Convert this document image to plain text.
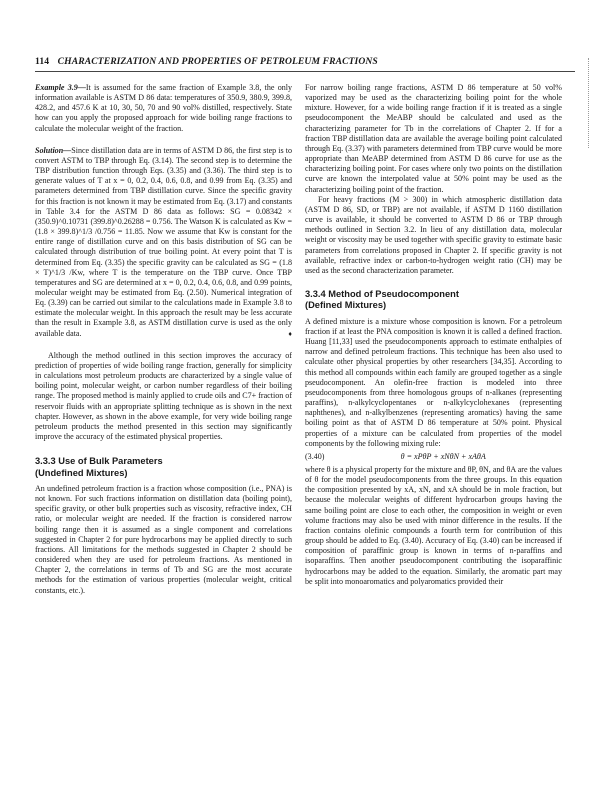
114 CHARACTERIZATION AND PROPERTIES OF PETROLEUM FRACTIONS

Example 3.9—It is assumed for the same fraction of Example 3.8, the only information available is ASTM D 86 data: temperatures of 350.9, 380.9, 399.8, 428.2, and 457.6 K at 10, 30, 50, 70 and 90 vol% distilled, respectively. State how can you apply the proposed approach for wide boiling range fractions to calculate the molecular weight of the fraction.

Solution—Since distillation data are in terms of ASTM D 86, the first step is to convert ASTM to TBP through Eq. (3.14). The second step is to determine the TBP distribution function through Eqs. (3.35) and (3.36). The third step is to generate values of T at x = 0, 0.2, 0.4, 0.6, 0.8, and 0.99 from Eq. (3.35) and parameters determined from TBP distillation curve. Since the specific gravity for this fraction is not known it may be estimated from Eq. (3.17) and constants in Table 3.4 for the ASTM D 86 data as follows: SG = 0.08342 × (350.9)^0.10731 (399.8)^0.26288 = 0.756. The Watson K is calculated as Kw = (1.8 × 399.8)^1/3 /0.756 = 11.85. Now we assume that Kw is constant for the entire range of distillation curve and on this basis distribution of SG can be calculated through distribution of true boiling point. At every point that T is determined from Eq. (3.35) the specific gravity can be calculated as SG = (1.8 × T)^1/3 /Kw, where T is the temperature on the TBP curve. Once TBP temperatures and SG are determined at x = 0, 0.2, 0.4, 0.6, 0.8, and 0.99 points, molecular weight may be estimated from Eq. (2.50). Numerical integration of Eq. (3.39) can be carried out similar to the calculations made in Example 3.8 to estimate the molecular weight. In this approach the result may be less accurate than the result in Example 3.8, as ASTM distillation curve is used as the only available data.	♦

Although the method outlined in this section improves the accuracy of prediction of properties of wide boiling range fraction, generally for simplicity in calculations most petroleum products are characterized by a single value of boiling point, molecular weight, or carbon number regardless of their boiling range. The proposed method is mainly applied to crude oils and C7+ fraction of reservoir fluids with an appropriate splitting technique as is shown in the next chapter. However, as shown in the above example, for very wide boiling range petroleum products the method presented in this section may significantly improve the accuracy of the estimated physical properties.

3.3.3 Use of Bulk Parameters
(Undefined Mixtures)

An undefined petroleum fraction is a fraction whose composition (i.e., PNA) is not known. For such fractions information on distillation data (boiling point), specific gravity, or other bulk properties such as viscosity, refractive index, CH ratio, or molecular weight are needed. If the fraction is considered narrow boiling range then it is assumed as a single component and correlations suggested in Chapter 2 for pure hydrocarbons may be applied directly to such fractions. All limitations for the methods suggested in Chapter 2 should be considered when they are used for petroleum fractions. As mentioned in Chapter 2, the correlations in terms of Tb and SG are the most accurate methods for the estimation of various properties (molecular weight, critical constants, etc.).

For narrow boiling range fractions, ASTM D 86 temperature at 50 vol% vaporized may be used as the characterizing boiling point for the whole mixture. However, for a wide boiling range fraction if it is treated as a single pseudocomponent the MeABP should be calculated and used as the characterizing parameter for Tb in the correlations of Chapter 2. If for a fraction TBP distillation data are available the average boiling point calculated through Eq. (3.37) with parameters determined from TBP curve would be more appropriate than MeABP determined from ASTM D 86 curve for use as the characterizing boiling point. For cases where only two points on the distillation curve are known the interpolated value at 50% point may be used as the characterizing boiling point of the fraction.

For heavy fractions (M > 300) in which atmospheric distillation data (ASTM D 86, SD, or TBP) are not available, if ASTM D 1160 distillation curve is available, it should be converted to ASTM D 86 or TBP through methods outlined in Section 3.2. In lieu of any distillation data, molecular weight or viscosity may be used together with specific gravity to estimate basic parameters from correlations proposed in Chapter 2. If specific gravity is not available, refractive index or carbon-to-hydrogen weight ratio (CH) may be used as the second characterization parameter.

3.3.4 Method of Pseudocomponent
(Defined Mixtures)

A defined mixture is a mixture whose composition is known. For a petroleum fraction if at least the PNA composition is known it is called a defined fraction. Huang [11,33] used the pseudocomponents approach to estimate enthalpies of narrow and defined petroleum fractions. This technique has been also used to calculate other physical properties by other researchers [34,35]. According to this method all compounds within each family are grouped together as a single pseudocomponent. An olefin-free fraction is modeled into three pseudocomponents from three homologous groups of n-alkanes (representing paraffins), n-alkylcyclopentanes or n-alkylcyclohexanes (representing naphthenes), and n-alkylbenzenes (representing aromatics) having the same boiling point as that of ASTM D 86 temperature at 50% point. Physical properties of a mixture can be calculated from properties of the model components by the following mixing rule:

(3.40)	θ = xPθP + xNθN + xAθA

where θ is a physical property for the mixture and θP, θN, and θA are the values of θ for the model pseudocomponents from the three groups. In this equation the composition presented by xA, xN, and xA should be in mole fraction, but because the molecular weights of different hydrocarbon groups having the same boiling point are close to each other, the composition in weight or even volume fractions may also be used with minor difference in the results. If the fraction contains olefinic compounds a fourth term for contribution of this group should be added to Eq. (3.40). Accuracy of Eq. (3.40) can be increased if composition of paraffinic group is known in terms of n-paraffins and isoparaffins. Then another pseudocomponent contributing the isoparaffinic hydrocarbons may be added to the equation. Similarly, the aromatic part may be split into monoaromatics and polyaromatics provided their
